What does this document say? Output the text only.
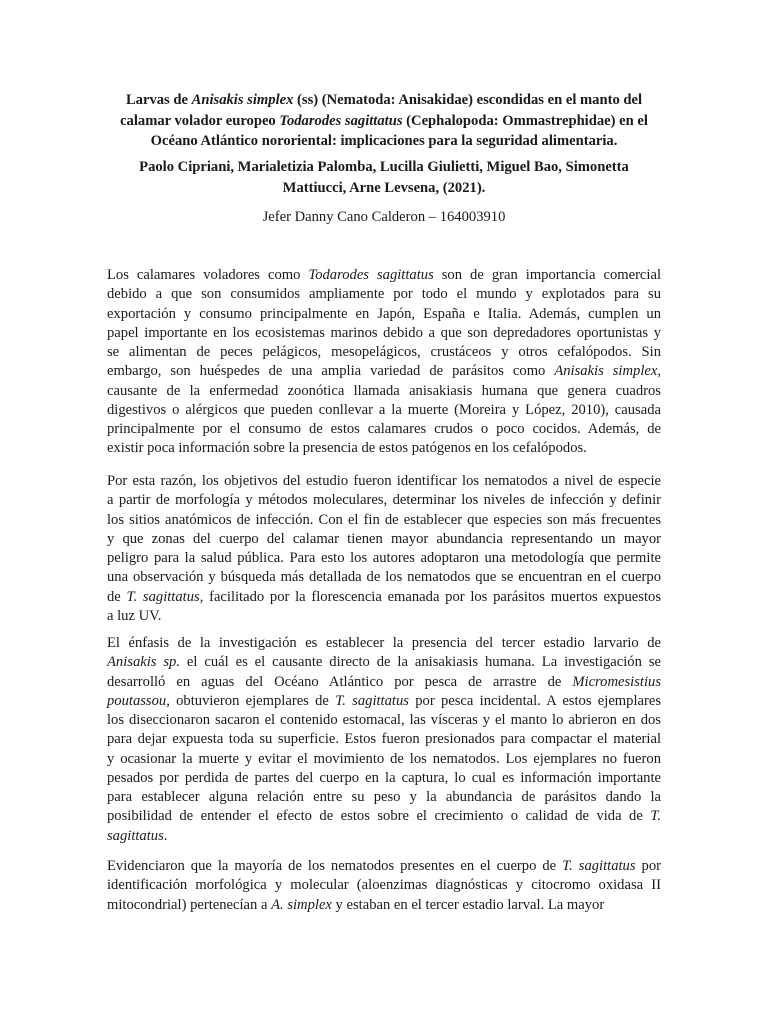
Larvas de Anisakis simplex (ss) (Nematoda: Anisakidae) escondidas en el manto del
calamar volador europeo Todarodes sagittatus (Cephalopoda: Ommastrephidae) en el
Océano Atlántico nororiental: implicaciones para la seguridad alimentaria.
Paolo Cipriani, Marialetizia Palomba, Lucilla Giulietti, Miguel Bao, Simonetta
Mattiucci, Arne Levsena, (2021).

Jefer Danny Cano Calderon – 164003910

Los calamares voladores como Todarodes sagittatus son de gran importancia comercial
debido a que son consumidos ampliamente por todo el mundo y explotados para su
exportación y consumo principalmente en Japón, España e Italia. Además, cumplen un
papel importante en los ecosistemas marinos debido a que son depredadores oportunistas y
se alimentan de peces pelágicos, mesopelágicos, crustáceos y otros cefalópodos. Sin
embargo, son huéspedes de una amplia variedad de parásitos como Anisakis simplex,
causante de la enfermedad zoonótica llamada anisakiasis humana que genera cuadros
digestivos o alérgicos que pueden conllevar a la muerte (Moreira y López, 2010), causada
principalmente por el consumo de estos calamares crudos o poco cocidos. Además, de
existir poca información sobre la presencia de estos patógenos en los cefalópodos.
Por esta razón, los objetivos del estudio fueron identificar los nematodos a nivel de especie
a partir de morfología y métodos moleculares, determinar los niveles de infección y definir
los sitios anatómicos de infección. Con el fin de establecer que especies son más frecuentes
y que zonas del cuerpo del calamar tienen mayor abundancia representando un mayor
peligro para la salud pública. Para esto los autores adoptaron una metodología que permite
una observación y búsqueda más detallada de los nematodos que se encuentran en el cuerpo
de T. sagittatus, facilitado por la florescencia emanada por los parásitos muertos expuestos
a luz UV.
El énfasis de la investigación es establecer la presencia del tercer estadio larvario de
Anisakis sp. el cuál es el causante directo de la anisakiasis humana. La investigación se
desarrolló en aguas del Océano Atlántico por pesca de arrastre de Micromesistius
poutassou, obtuvieron ejemplares de T. sagittatus por pesca incidental. A estos ejemplares
los diseccionaron sacaron el contenido estomacal, las vísceras y el manto lo abrieron en dos
para dejar expuesta toda su superficie. Estos fueron presionados para compactar el material
y ocasionar la muerte y evitar el movimiento de los nematodos. Los ejemplares no fueron
pesados por perdida de partes del cuerpo en la captura, lo cual es información importante
para establecer alguna relación entre su peso y la abundancia de parásitos dando la
posibilidad de entender el efecto de estos sobre el crecimiento o calidad de vida de T.
sagittatus.
Evidenciaron que la mayoría de los nematodos presentes en el cuerpo de T. sagittatus por
identificación morfológica y molecular (aloenzimas diagnósticas y citocromo oxidasa II
mitocondrial) pertenecían a A. simplex y estaban en el tercer estadio larval. La mayor
